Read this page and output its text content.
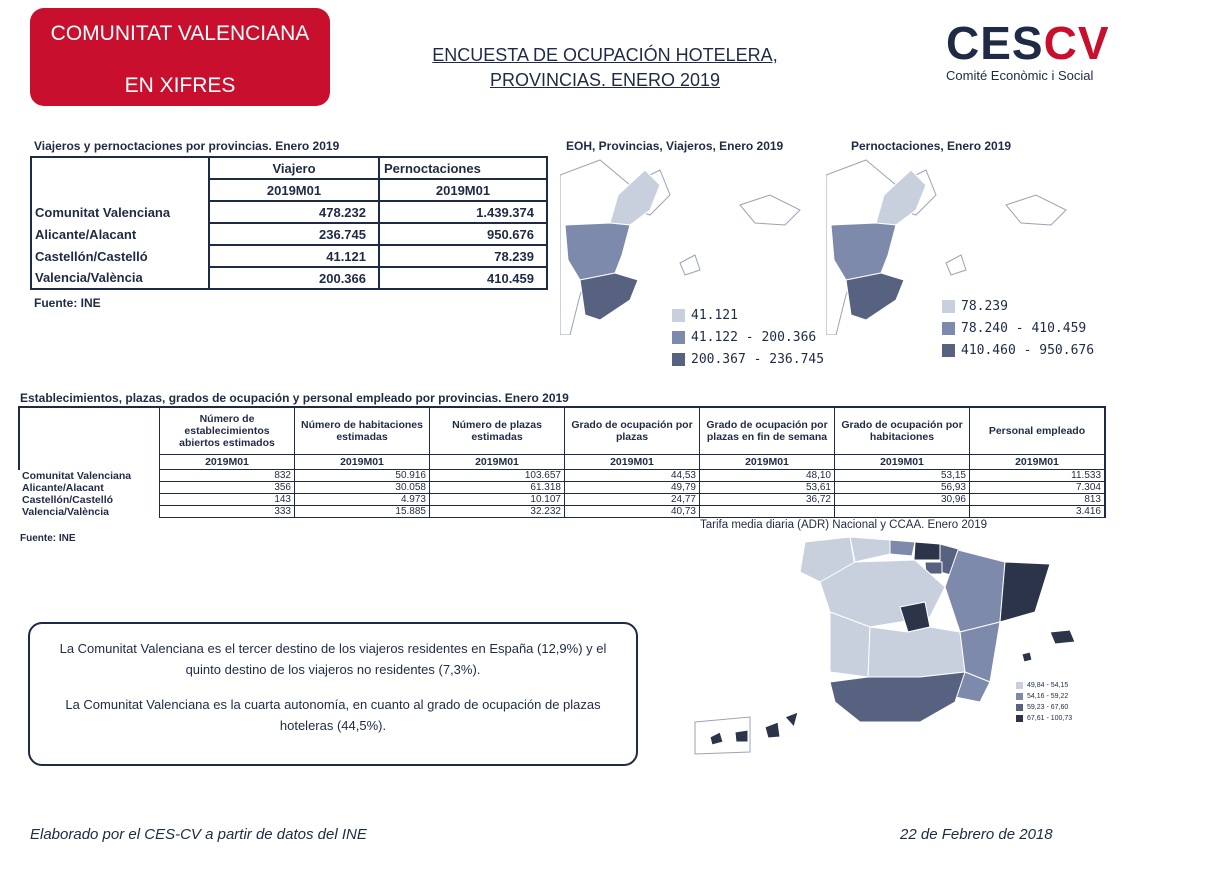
COMUNITAT VALENCIANA
EN XIFRES
ENCUESTA DE OCUPACIÓN HOTELERA,
PROVINCIAS. ENERO 2019
CESCV
Comité Econòmic i Social
Viajeros y pernoctaciones por provincias. Enero 2019
	Viajero	Pernoctaciones
	2019M01	2019M01
Comunitat Valenciana	478.232	1.439.374
Alicante/Alacant	236.745	950.676
Castellón/Castelló	41.121	78.239
Valencia/València	200.366	410.459
Fuente: INE
EOH, Provincias, Viajeros, Enero 2019
41.121
41.122 - 200.366
200.367 - 236.745
Pernoctaciones, Enero 2019
78.239
78.240 - 410.459
410.460 - 950.676
Establecimientos, plazas, grados de ocupación y personal empleado por provincias. Enero 2019
	Número de establecimientos abiertos estimados	Número de habitaciones estimadas	Número de plazas estimadas	Grado de ocupación por plazas	Grado de ocupación por plazas en fin de semana	Grado de ocupación por habitaciones	Personal empleado
	2019M01	2019M01	2019M01	2019M01	2019M01	2019M01	2019M01
Comunitat Valenciana	832	50.916	103.657	44,53	48,10	53,15	11.533
Alicante/Alacant	356	30.058	61.318	49,79	53,61	56,93	7.304
Castellón/Castelló	143	4.973	10.107	24,77	36,72	30,96	813
Valencia/València	333	15.885	32.232	40,73			3.416
Fuente: INE
Tarifa media diaria (ADR) Nacional y CCAA. Enero 2019
49,84 - 54,15
54,16 - 59,22
59,23 - 67,60
67,61 - 100,73

La Comunitat Valenciana es el tercer destino de los viajeros residentes en España (12,9%) y el quinto destino de los viajeros no residentes (7,3%).

La Comunitat Valenciana es la cuarta autonomía, en cuanto al grado de ocupación de plazas hoteleras (44,5%).

Elaborado por el CES-CV a partir de datos del INE	22 de Febrero de 2018
